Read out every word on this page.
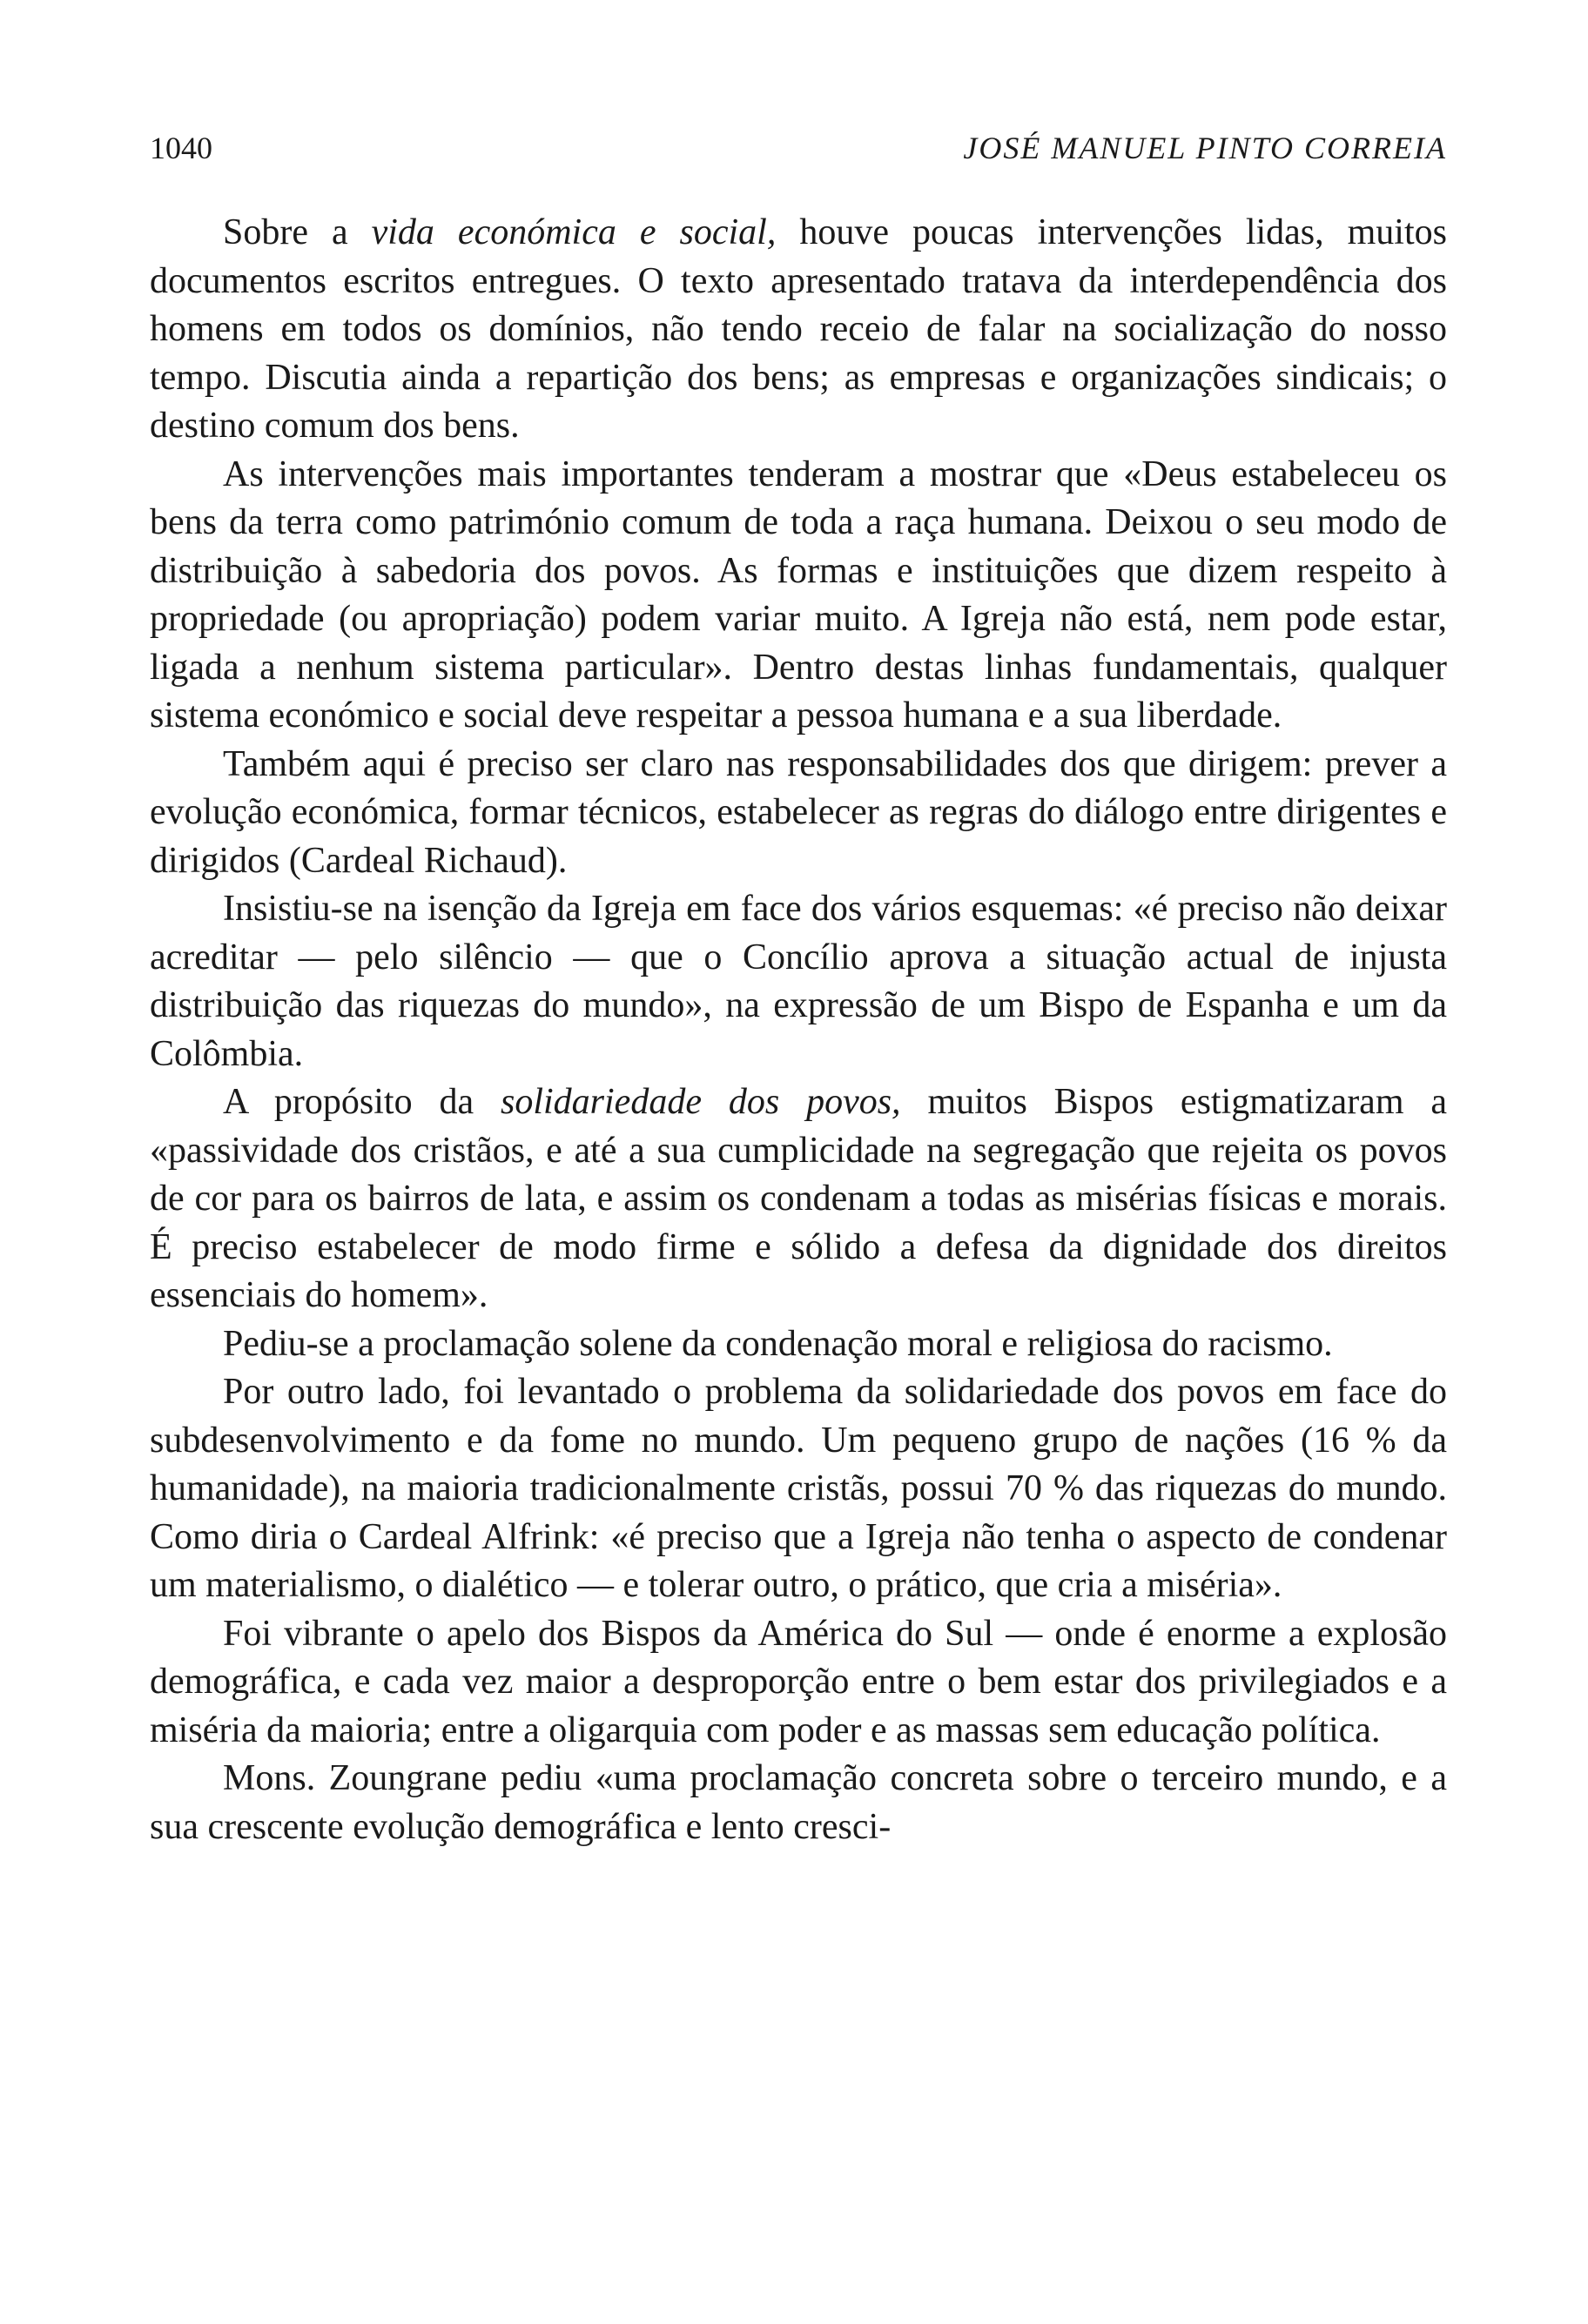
1040	JOSÉ MANUEL PINTO CORREIA

Sobre a vida económica e social, houve poucas intervenções lidas, muitos documentos escritos entregues. O texto apresentado tratava da interdependência dos homens em todos os domínios, não tendo receio de falar na socialização do nosso tempo. Discutia ainda a repartição dos bens; as empresas e organizações sindicais; o destino comum dos bens.

As intervenções mais importantes tenderam a mostrar que «Deus estabeleceu os bens da terra como património comum de toda a raça humana. Deixou o seu modo de distribuição à sabedoria dos povos. As formas e instituições que dizem respeito à propriedade (ou apropriação) podem variar muito. A Igreja não está, nem pode estar, ligada a nenhum sistema particular». Dentro destas linhas fundamentais, qualquer sistema económico e social deve respeitar a pessoa humana e a sua liberdade.

Também aqui é preciso ser claro nas responsabilidades dos que dirigem: prever a evolução económica, formar técnicos, estabelecer as regras do diálogo entre dirigentes e dirigidos (Cardeal Richaud).

Insistiu-se na isenção da Igreja em face dos vários esquemas: «é preciso não deixar acreditar — pelo silêncio — que o Concílio aprova a situação actual de injusta distribuição das riquezas do mundo», na expressão de um Bispo de Espanha e um da Colômbia.

A propósito da solidariedade dos povos, muitos Bispos estigmatizaram a «passividade dos cristãos, e até a sua cumplicidade na segregação que rejeita os povos de cor para os bairros de lata, e assim os condenam a todas as misérias físicas e morais. É preciso estabelecer de modo firme e sólido a defesa da dignidade dos direitos essenciais do homem».

Pediu-se a proclamação solene da condenação moral e religiosa do racismo.

Por outro lado, foi levantado o problema da solidariedade dos povos em face do subdesenvolvimento e da fome no mundo. Um pequeno grupo de nações (16 % da humanidade), na maioria tradicionalmente cristãs, possui 70 % das riquezas do mundo. Como diria o Cardeal Alfrink: «é preciso que a Igreja não tenha o aspecto de condenar um materialismo, o dialético — e tolerar outro, o prático, que cria a miséria».

Foi vibrante o apelo dos Bispos da América do Sul — onde é enorme a explosão demográfica, e cada vez maior a desproporção entre o bem estar dos privilegiados e a miséria da maioria; entre a oligarquia com poder e as massas sem educação política.

Mons. Zoungrane pediu «uma proclamação concreta sobre o terceiro mundo, e a sua crescente evolução demográfica e lento cresci-
